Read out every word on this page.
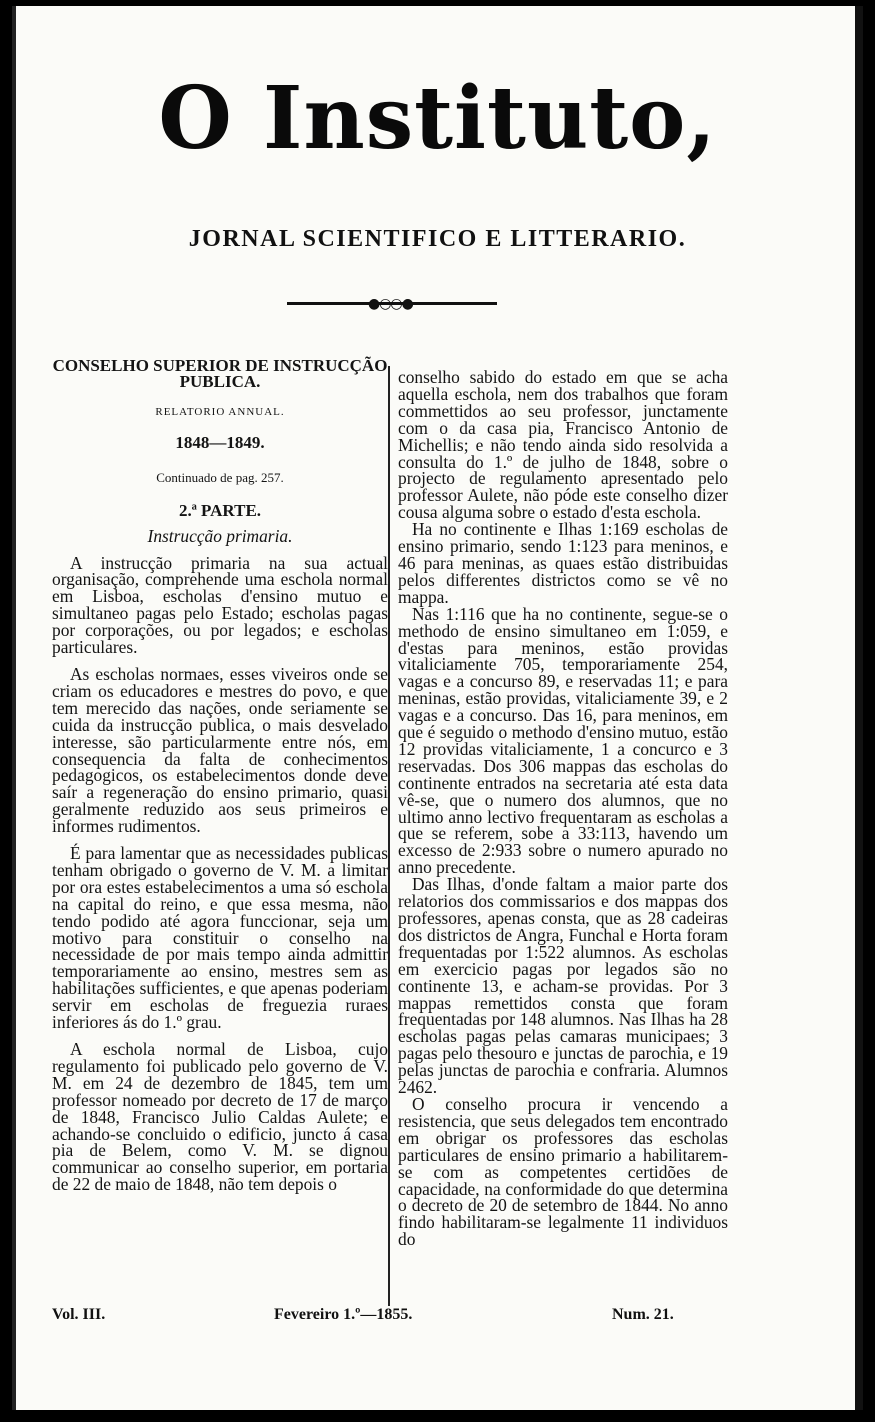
O Instituto,
JORNAL SCIENTIFICO E LITTERARIO.
●○○●

CONSELHO SUPERIOR DE INSTRUCÇÃO PUBLICA.

RELATORIO ANNUAL.

1848—1849.

Continuado de pag. 257.

2.ª PARTE.

Instrucção primaria.

A instrucção primaria na sua actual organisação, comprehende uma eschola normal em Lisboa, escholas d'ensino mutuo e simultaneo pagas pelo Estado; escholas pagas por corporações, ou por legados; e escholas particulares.

As escholas normaes, esses viveiros onde se criam os educadores e mestres do povo, e que tem merecido das nações, onde seriamente se cuida da instrucção publica, o mais desvelado interesse, são particularmente entre nós, em consequencia da falta de conhecimentos pedagogicos, os estabelecimentos donde deve saír a regeneração do ensino primario, quasi geralmente reduzido aos seus primeiros e informes rudimentos.

É para lamentar que as necessidades publicas tenham obrigado o governo de V. M. a limitar por ora estes estabelecimentos a uma só eschola na capital do reino, e que essa mesma, não tendo podido até agora funccionar, seja um motivo para constituir o conselho na necessidade de por mais tempo ainda admittir temporariamente ao ensino, mestres sem as habilitações sufficientes, e que apenas poderiam servir em escholas de freguezia ruraes inferiores ás do 1.º grau.

A eschola normal de Lisboa, cujo regulamento foi publicado pelo governo de V. M. em 24 de dezembro de 1845, tem um professor nomeado por decreto de 17 de março de 1848, Francisco Julio Caldas Aulete; e achando-se concluido o edificio, juncto á casa pia de Belem, como V. M. se dignou communicar ao conselho superior, em portaria de 22 de maio de 1848, não tem depois o

conselho sabido do estado em que se acha aquella eschola, nem dos trabalhos que foram commettidos ao seu professor, junctamente com o da casa pia, Francisco Antonio de Michellis; e não tendo ainda sido resolvida a consulta do 1.º de julho de 1848, sobre o projecto de regulamento apresentado pelo professor Aulete, não póde este conselho dizer cousa alguma sobre o estado d'esta eschola.

Ha no continente e Ilhas 1:169 escholas de ensino primario, sendo 1:123 para meninos, e 46 para meninas, as quaes estão distribuidas pelos differentes districtos como se vê no mappa.

Nas 1:116 que ha no continente, segue-se o methodo de ensino simultaneo em 1:059, e d'estas para meninos, estão providas vitaliciamente 705, temporariamente 254, vagas e a concurso 89, e reservadas 11; e para meninas, estão providas, vitaliciamente 39, e 2 vagas e a concurso. Das 16, para meninos, em que é seguido o methodo d'ensino mutuo, estão 12 providas vitaliciamente, 1 a concurco e 3 reservadas. Dos 306 mappas das escholas do continente entrados na secretaria até esta data vê-se, que o numero dos alumnos, que no ultimo anno lectivo frequentaram as escholas a que se referem, sobe a 33:113, havendo um excesso de 2:933 sobre o numero apurado no anno precedente.

Das Ilhas, d'onde faltam a maior parte dos relatorios dos commissarios e dos mappas dos professores, apenas consta, que as 28 cadeiras dos districtos de Angra, Funchal e Horta foram frequentadas por 1:522 alumnos. As escholas em exercicio pagas por legados são no continente 13, e acham-se providas. Por 3 mappas remettidos consta que foram frequentadas por 148 alumnos. Nas Ilhas ha 28 escholas pagas pelas camaras municipaes; 3 pagas pelo thesouro e junctas de parochia, e 19 pelas junctas de parochia e confraria. Alumnos 2462.

O conselho procura ir vencendo a resistencia, que seus delegados tem encontrado em obrigar os professores das escholas particulares de ensino primario a habilitarem-se com as competentes certidões de capacidade, na conformidade do que determina o decreto de 20 de setembro de 1844. No anno findo habilitaram-se legalmente 11 individuos do

Vol. III.	Fevereiro 1.º—1855.	Num. 21.
